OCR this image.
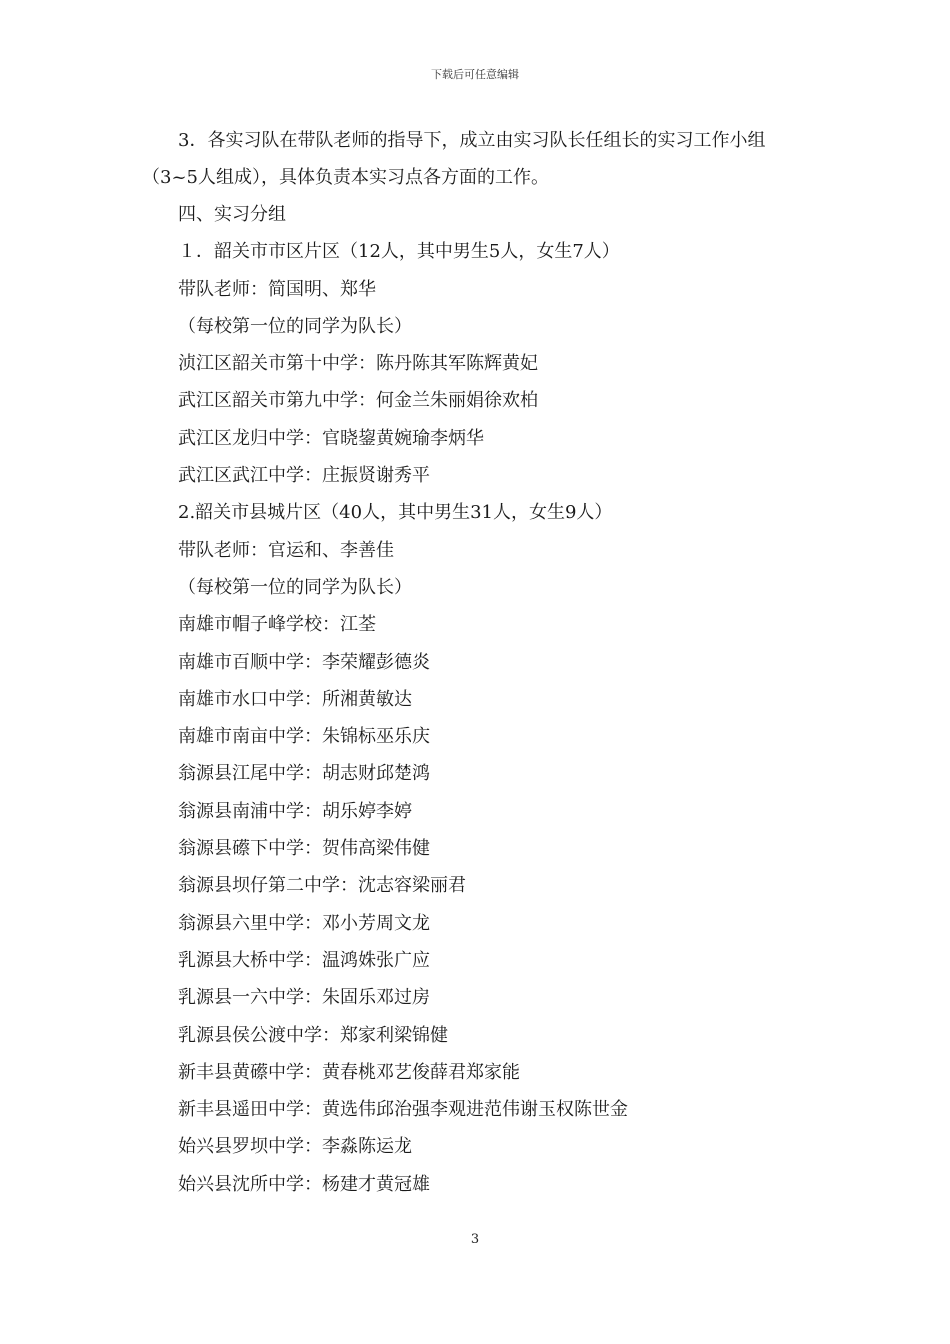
下载后可任意编辑

3．各实习队在带队老师的指导下，成立由实习队长任组长的实习工作小组（3~5人组成），具体负责本实习点各方面的工作。

四、实习分组
１．韶关市市区片区（12人，其中男生5人，女生7人）
带队老师：简国明、郑华
（每校第一位的同学为队长）
浈江区韶关市第十中学：陈丹陈其军陈辉黄妃
武江区韶关市第九中学：何金兰朱丽娟徐欢柏
武江区龙归中学：官晓鋆黄婉瑜李炳华
武江区武江中学：庄振贤谢秀平
2.韶关市县城片区（40人，其中男生31人，女生9人）
带队老师：官运和、李善佳
（每校第一位的同学为队长）
南雄市帽子峰学校：江荃
南雄市百顺中学：李荣耀彭德炎
南雄市水口中学：所湘黄敏达
南雄市南亩中学：朱锦标巫乐庆
翁源县江尾中学：胡志财邱楚鸿
翁源县南浦中学：胡乐婷李婷
翁源县礤下中学：贺伟高梁伟健
翁源县坝仔第二中学：沈志容梁丽君
翁源县六里中学：邓小芳周文龙
乳源县大桥中学：温鸿姝张广应
乳源县一六中学：朱固乐邓过房
乳源县侯公渡中学：郑家利梁锦健
新丰县黄礤中学：黄春桃邓艺俊薛君郑家能
新丰县遥田中学：黄选伟邱治强李观进范伟谢玉权陈世金
始兴县罗坝中学：李淼陈运龙
始兴县沈所中学：杨建才黄冠雄
3
